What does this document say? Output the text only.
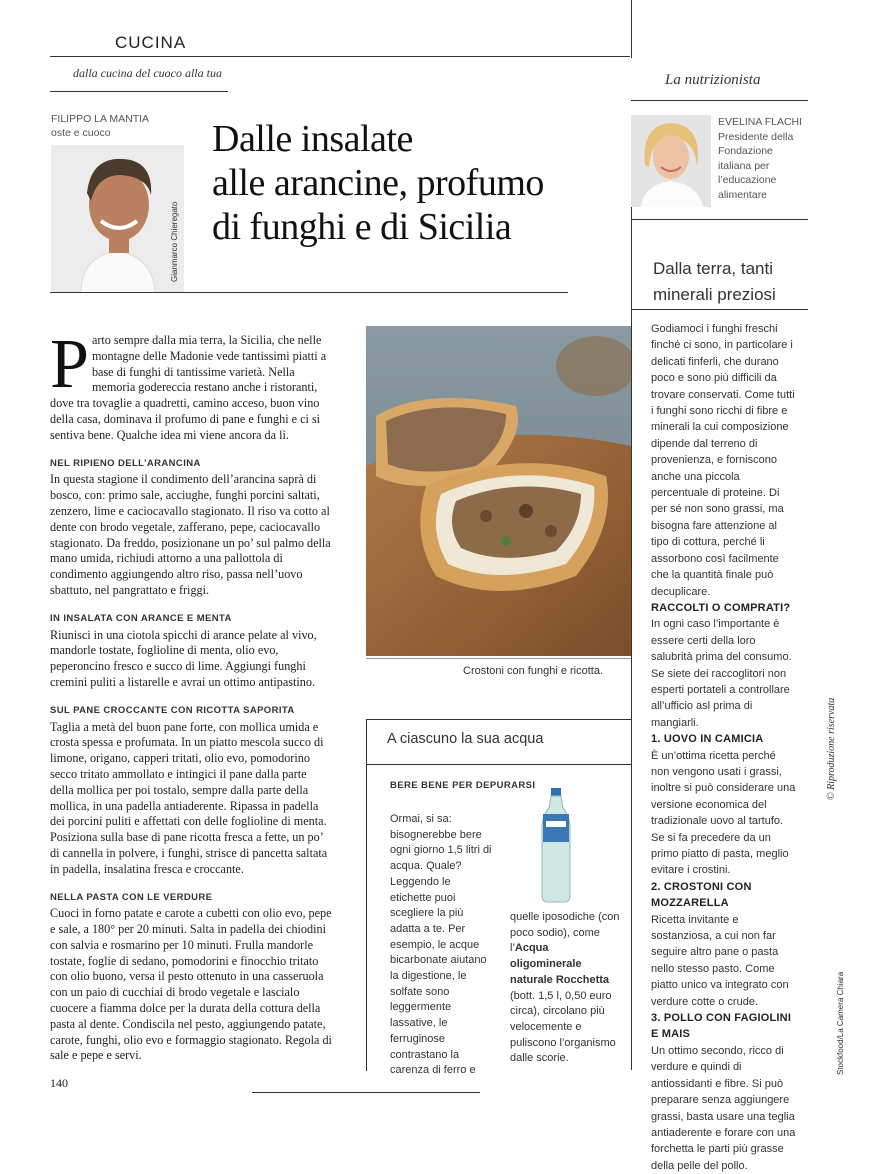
CUCINA
dalla cucina del cuoco alla tua	La nutrizionista
FILIPPO LA MANTIA
oste e cuoco
Gianmarco Chieregato
Dalle insalate
alle arancine, profumo
di funghi e di Sicilia
EVELINA FLACHI
Presidente della
Fondazione
italiana per
l’educazione
alimentare
Dalla terra, tanti minerali preziosi
Godiamoci i funghi freschi finché ci sono, in particolare i delicati finferli, che durano poco e sono più difficili da trovare conservati. Come tutti i funghi sono ricchi di fibre e minerali la cui composizione dipende dal terreno di provenienza, e forniscono anche una piccola percentuale di proteine. Di per sé non sono grassi, ma bisogna fare attenzione al tipo di cottura, perché li assorbono così facilmente che la quantità finale può decuplicare.
RACCOLTI O COMPRATI?
In ogni caso l’importante è essere certi della loro salubrità prima del consumo. Se siete dei raccoglitori non esperti portateli a controllare all’ufficio asl prima di mangiarli.
1. UOVO IN CAMICIA
È un’ottima ricetta perché non vengono usati i grassi, inoltre si può considerare una versione economica del tradizionale uovo al tartufo. Se si fa precedere da un primo piatto di pasta, meglio evitare i crostini.
2. CROSTONI CON MOZZARELLA
Ricetta invitante e sostanziosa, a cui non far seguire altro pane o pasta nello stesso pasto. Come piatto unico va integrato con verdure cotte o crude.
3. POLLO CON FAGIOLINI E MAIS
Un ottimo secondo, ricco di verdure e quindi di antiossidanti e fibre. Si può preparare senza aggiungere grassi, basta usare una teglia antiaderente e forare con una forchetta le parti più grasse della pelle del pollo.

Parto sempre dalla mia terra, la Sicilia, che nelle montagne delle Madonie vede tantissimi piatti a base di funghi di tantissime varietà. Nella memoria godereccia restano anche i ristoranti, dove tra tovaglie a quadretti, camino acceso, buon vino della casa, dominava il profumo di pane e funghi e ci si sentiva bene. Qualche idea mi viene ancora da lì.

NEL RIPIENO DELL’ARANCINA

In questa stagione il condimento dell’arancina saprà di bosco, con: primo sale, acciughe, funghi porcini saltati, zenzero, lime e caciocavallo stagionato. Il riso va cotto al dente con brodo vegetale, zafferano, pepe, caciocavallo stagionato. Da freddo, posizionane un po’ sul palmo della mano umida, richiudi attorno a una pallottola di condimento aggiungendo altro riso, passa nell’uovo sbattuto, nel pangrattato e friggi.

IN INSALATA CON ARANCE E MENTA

Riunisci in una ciotola spicchi di arance pelate al vivo, mandorle tostate, foglioline di menta, olio evo, peperoncino fresco e succo di lime. Aggiungi funghi cremini puliti a listarelle e avrai un ottimo antipastino.

SUL PANE CROCCANTE CON RICOTTA SAPORITA

Taglia a metà del buon pane forte, con mollica umida e crosta spessa e profumata. In un piatto mescola succo di limone, origano, capperi tritati, olio evo, pomodorino secco tritato ammollato e intingici il pane dalla parte della mollica per poi tostalo, sempre dalla parte della mollica, in una padella antiaderente. Ripassa in padella dei porcini puliti e affettati con delle foglioline di menta. Posiziona sulla base di pane ricotta fresca a fette, un po’ di cannella in polvere, i funghi, strisce di pancetta saltata in padella, insalatina fresca e croccante.

NELLA PASTA CON LE VERDURE

Cuoci in forno patate e carote a cubetti con olio evo, pepe e sale, a 180° per 20 minuti. Salta in padella dei chiodini con salvia e rosmarino per 10 minuti. Frulla mandorle tostate, foglie di sedano, pomodorini e finocchio tritato con olio buono, versa il pesto ottenuto in una casseruola con un paio di cucchiai di brodo vegetale e lascialo cuocere a fiamma dolce per la durata della cottura della pasta al dente. Condiscila nel pesto, aggiungendo patate, carote, funghi, olio evo e formaggio stagionato. Regola di sale e pepe e servi.

Crostoni con funghi e ricotta.
A ciascuno la sua acqua
BERE BENE PER DEPURARSI
Ormai, si sa: bisognerebbe bere ogni giorno 1,5 litri di acqua. Quale? Leggendo le etichette puoi scegliere la più adatta a te. Per esempio, le acque bicarbonate aiutano la digestione, le solfate sono leggermente lassative, le ferruginose contrastano la carenza di ferro e
quelle iposodiche (con poco sodio), come l’Acqua oligominerale naturale Rocchetta (bott. 1,5 l, 0,50 euro circa), circolano più velocemente e puliscono l’organismo dalle scorie.
140
© Riproduzione riservata
Stockfood/La Camera Chiara
